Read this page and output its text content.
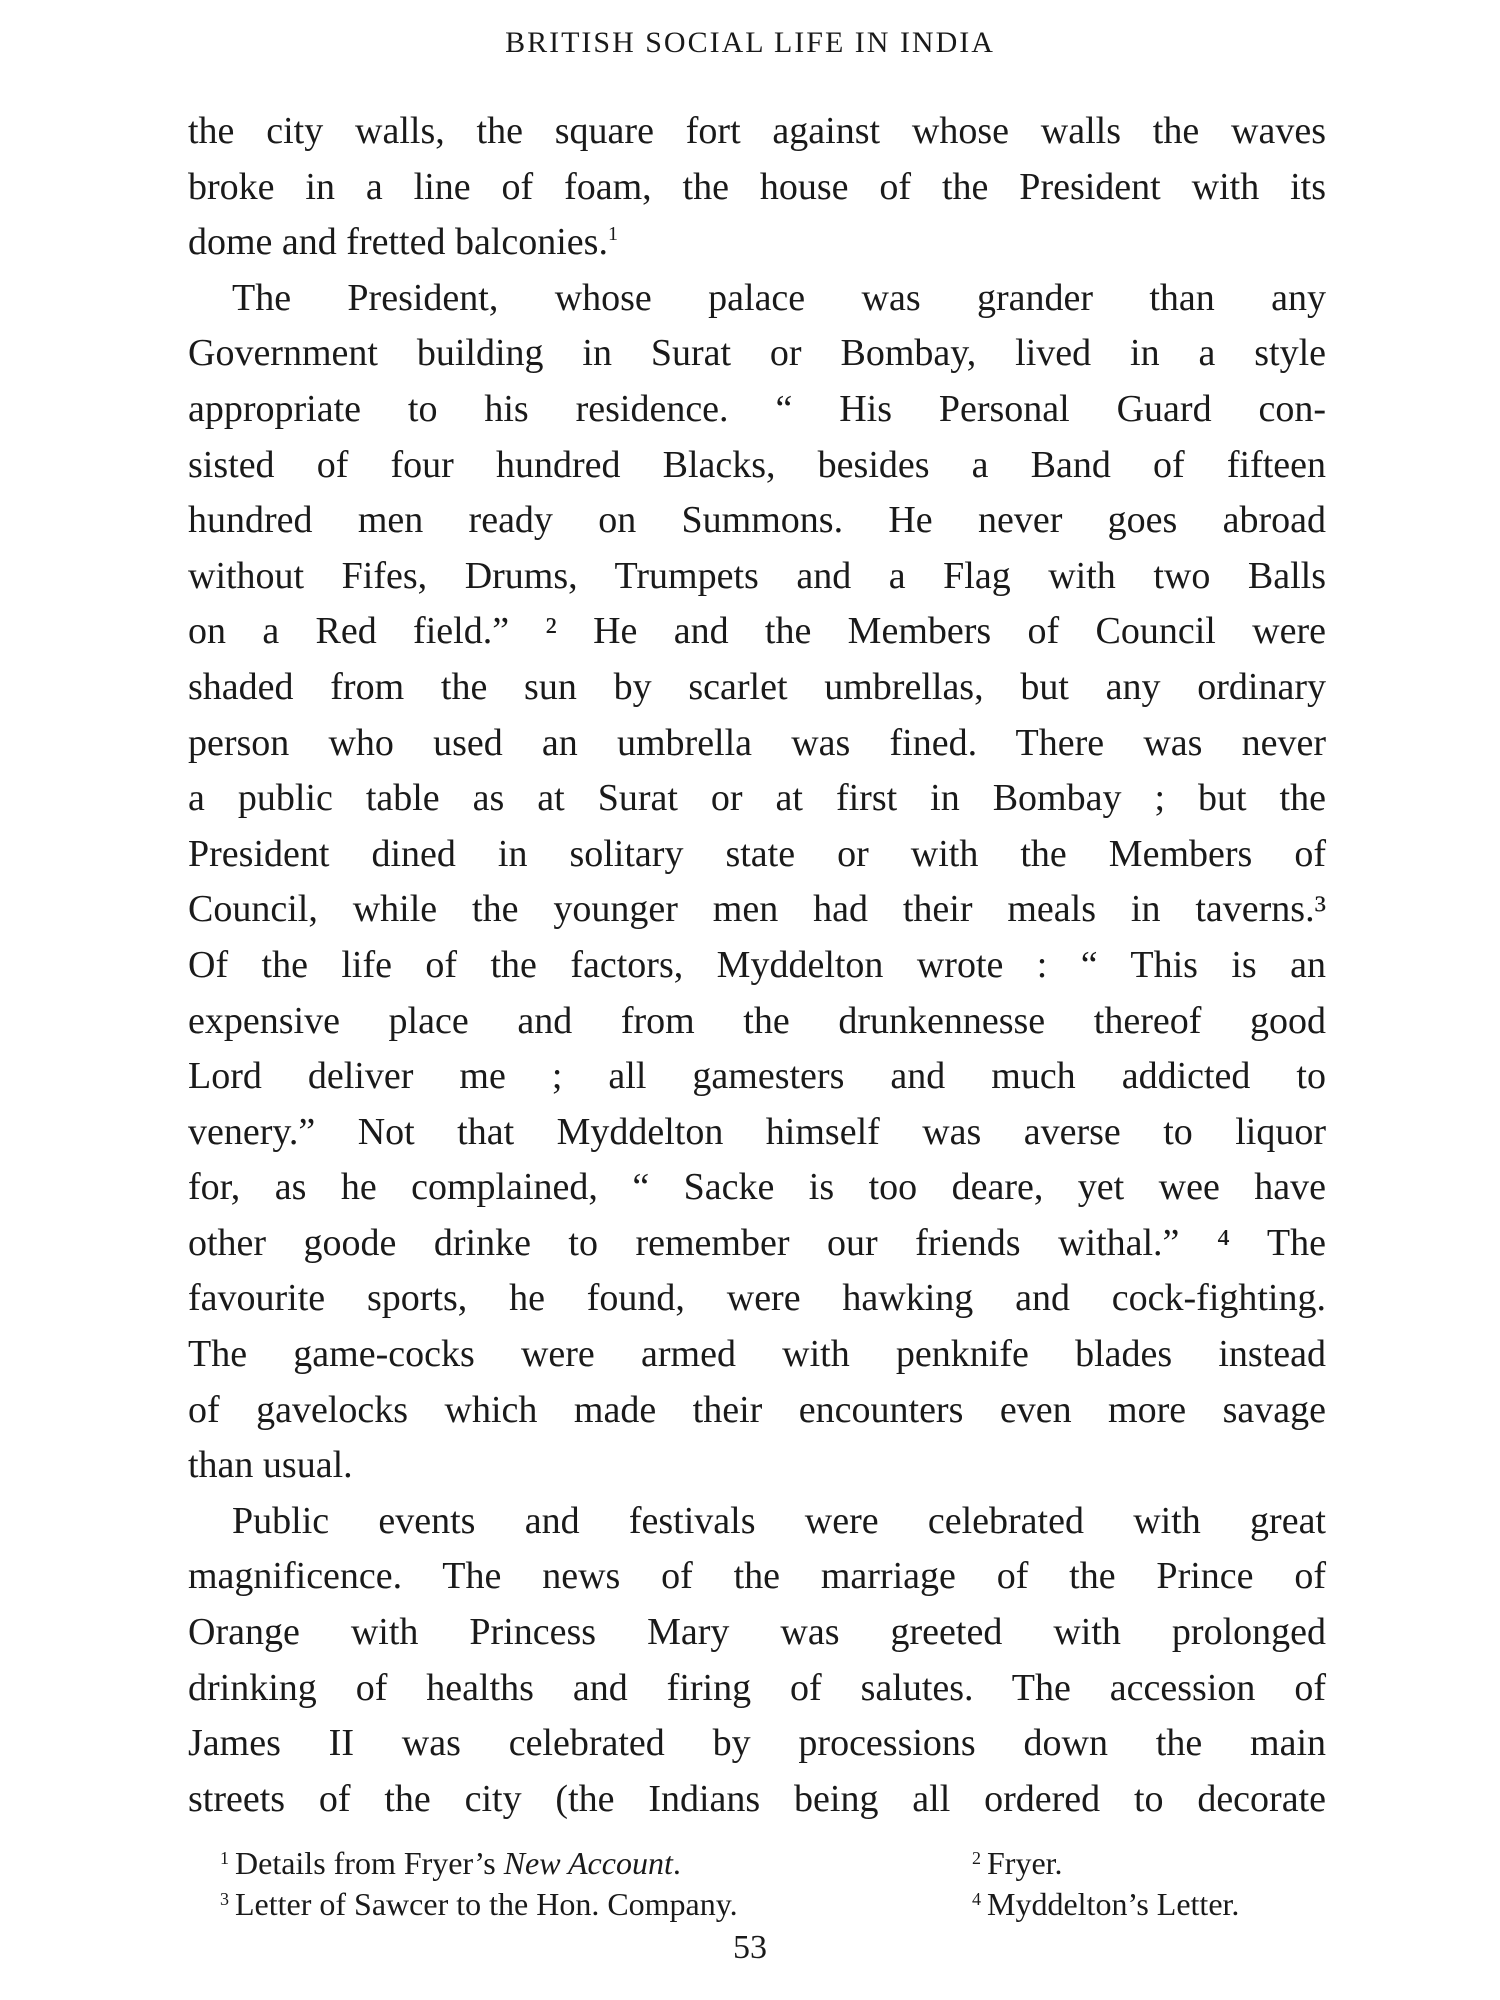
BRITISH SOCIAL LIFE IN INDIA
the city walls, the square fort against whose walls the waves
broke in a line of foam, the house of the President with its
dome and fretted balconies.$^1$
The President, whose palace was grander than any
Government building in Surat or Bombay, lived in a style
appropriate to his residence. “ His Personal Guard con-
sisted of four hundred Blacks, besides a Band of fifteen
hundred men ready on Summons. He never goes abroad
without Fifes, Drums, Trumpets and a Flag with two Balls
on a Red field.” ² He and the Members of Council were
shaded from the sun by scarlet umbrellas, but any ordinary
person who used an umbrella was fined. There was never
a public table as at Surat or at first in Bombay ; but the
President dined in solitary state or with the Members of
Council, while the younger men had their meals in taverns.³
Of the life of the factors, Myddelton wrote : “ This is an
expensive place and from the drunkennesse thereof good
Lord deliver me ; all gamesters and much addicted to
venery.” Not that Myddelton himself was averse to liquor
for, as he complained, “ Sacke is too deare, yet wee have
other goode drinke to remember our friends withal.” ⁴ The
favourite sports, he found, were hawking and cock-fighting.
The game-cocks were armed with penknife blades instead
of gavelocks which made their encounters even more savage
than usual.
Public events and festivals were celebrated with great
magnificence. The news of the marriage of the Prince of
Orange with Princess Mary was greeted with prolonged
drinking of healths and firing of salutes. The accession of
James II was celebrated by processions down the main
streets of the city (the Indians being all ordered to decorate
$^1$ Details from Fryer’s New Account.	$^2$ Fryer.
$^3$ Letter of Sawcer to the Hon. Company.	$^4$ Myddelton’s Letter.
53
